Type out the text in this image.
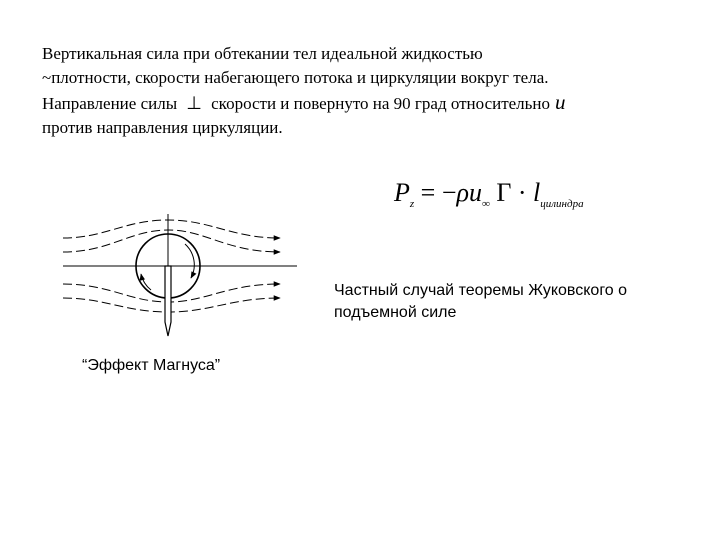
Вертикальная сила при обтекании тел идеальной жидкостью
~плотности, скорости набегающего потока и циркуляции вокруг тела.
Направление силы ⊥ скорости и повернуто на 90 град относительно u
против направления циркуляции.
$P_z = -\rho u_\infty$ $\Gamma \cdot l_{цилиндра}$
Частный случай теоремы Жуковского о подъемной силе
“Эффект Магнуса”
